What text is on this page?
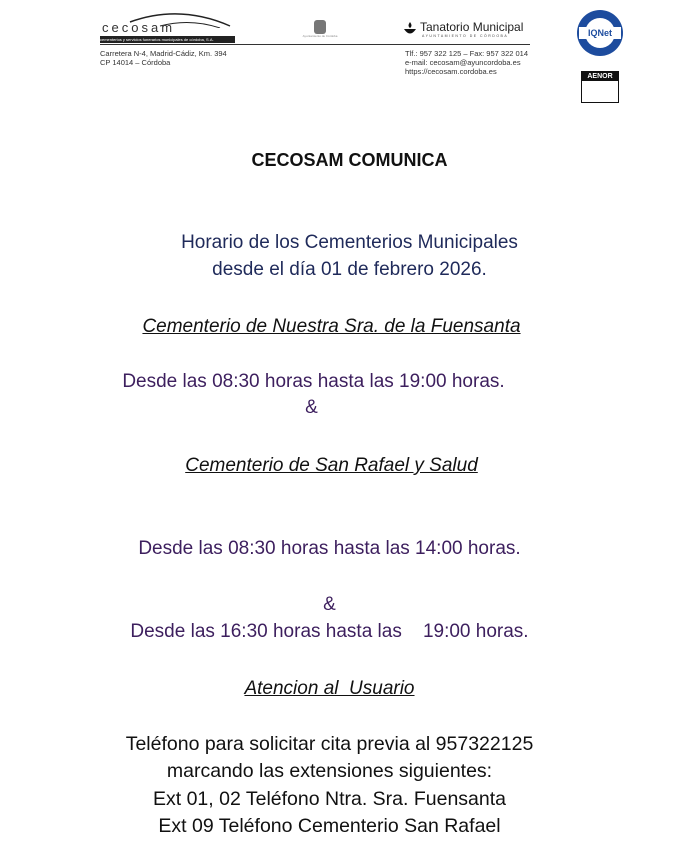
cecosam
cementerios y servicios funerarios municipales de córdoba, S.A.
Ayuntamiento de Córdoba
Tanatorio Municipal
AYUNTAMIENTO DE CÓRDOBA
Carretera N-4, Madrid-Cádiz, Km. 394
CP 14014 – Córdoba
Tlf.: 957 322 125 – Fax: 957 322 014
e-mail: cecosam@ayuncordoba.es
https://cecosam.cordoba.es
IQNet
AENOR
CECOSAM COMUNICA
Horario de los Cementerios Municipales
desde el día 01 de febrero 2026.
Cementerio de Nuestra Sra. de la Fuensanta
Desde las 08:30 horas hasta las 19:00 horas.
&
Cementerio de San Rafael y Salud
Desde las 08:30 horas hasta las 14:00 horas.
&
Desde las 16:30 horas hasta las    19:00 horas.
Atencion al  Usuario
Teléfono para solicitar cita previa al 957322125
marcando las extensiones siguientes:
Ext 01, 02 Teléfono Ntra. Sra. Fuensanta
Ext 09 Teléfono Cementerio San Rafael
